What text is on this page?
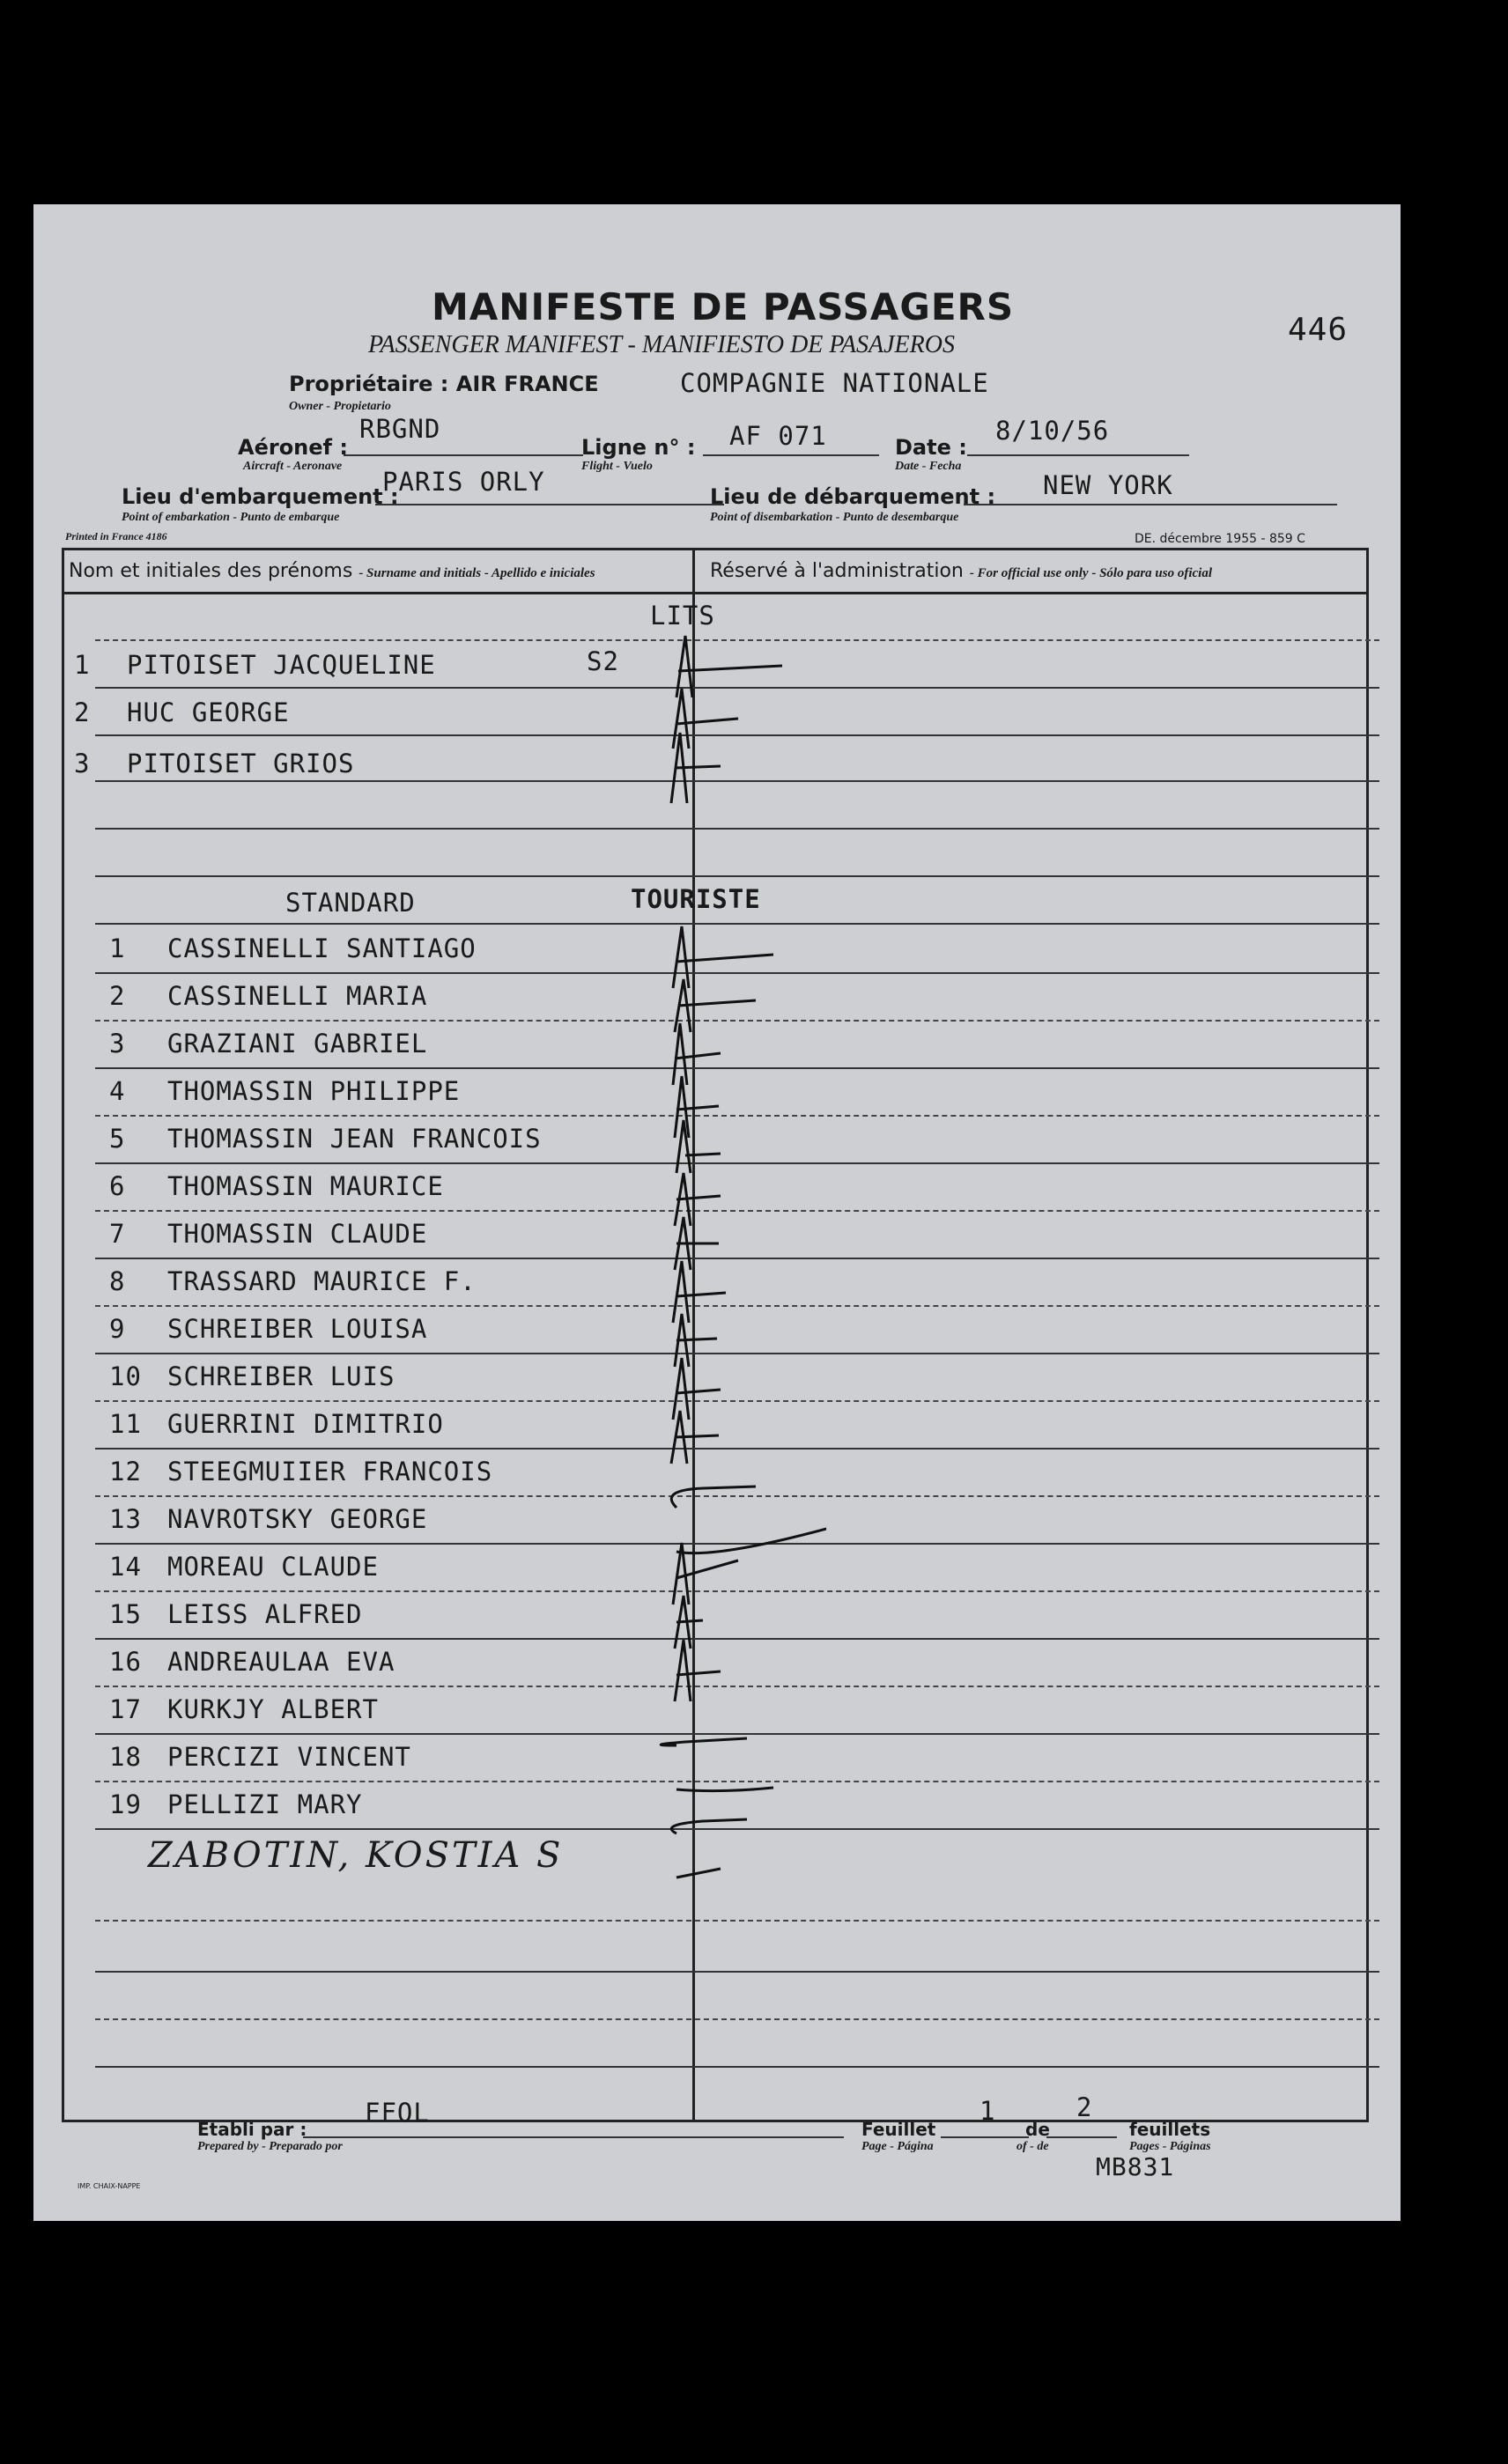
446
MANIFESTE DE PASSAGERS
PASSENGER MANIFEST - MANIFIESTO DE PASAJEROS
Propriétaire : AIR FRANCE	COMPAGNIE NATIONALE
Owner - Propietario
Aéronef :
RBGND
Aircraft - Aeronave
Ligne n° : AF 071
Flight - Vuelo
Date :
8/10/56
Date - Fecha
Lieu d'embarquement :
PARIS ORLY
Point of embarkation - Punto de embarque
Lieu de débarquement : NEW YORK
Point of disembarkation - Punto de desembarque
Printed in France 4186	DE. décembre 1955 - 859 C
Nom et initiales des prénoms - Surname and initials - Apellido e iniciales	Réservé à l'administration - For official use only - Sólo para uso oficial
LITS
1 PITOISET JACQUELINE	S2
2 HUC GEORGE
3 PITOISET GRIOS
STANDARD	TOURISTE
1 CASSINELLI SANTIAGO
2 CASSINELLI MARIA
3 GRAZIANI GABRIEL
4 THOMASSIN PHILIPPE
5 THOMASSIN JEAN FRANCOIS
6 THOMASSIN MAURICE
7 THOMASSIN CLAUDE
8 TRASSARD MAURICE F.
9 SCHREIBER LOUISA
10 SCHREIBER LUIS
11 GUERRINI DIMITRIO
12 STEEGMUIIER FRANCOIS
13 NAVROTSKY GEORGE
14 MOREAU CLAUDE
15 LEISS ALFRED
16 ANDREAULAA EVA
17 KURKJY ALBERT
18 PERCIZI VINCENT
19 PELLIZI MARY
ZABOTIN, KOSTIA S
Etabli par :
FFOL
Prepared by - Preparado por
Feuillet
1
de
2
feuillets
Page - Página	of - de	Pages - Páginas
MB831
IMP. CHAIX-NAPPE
